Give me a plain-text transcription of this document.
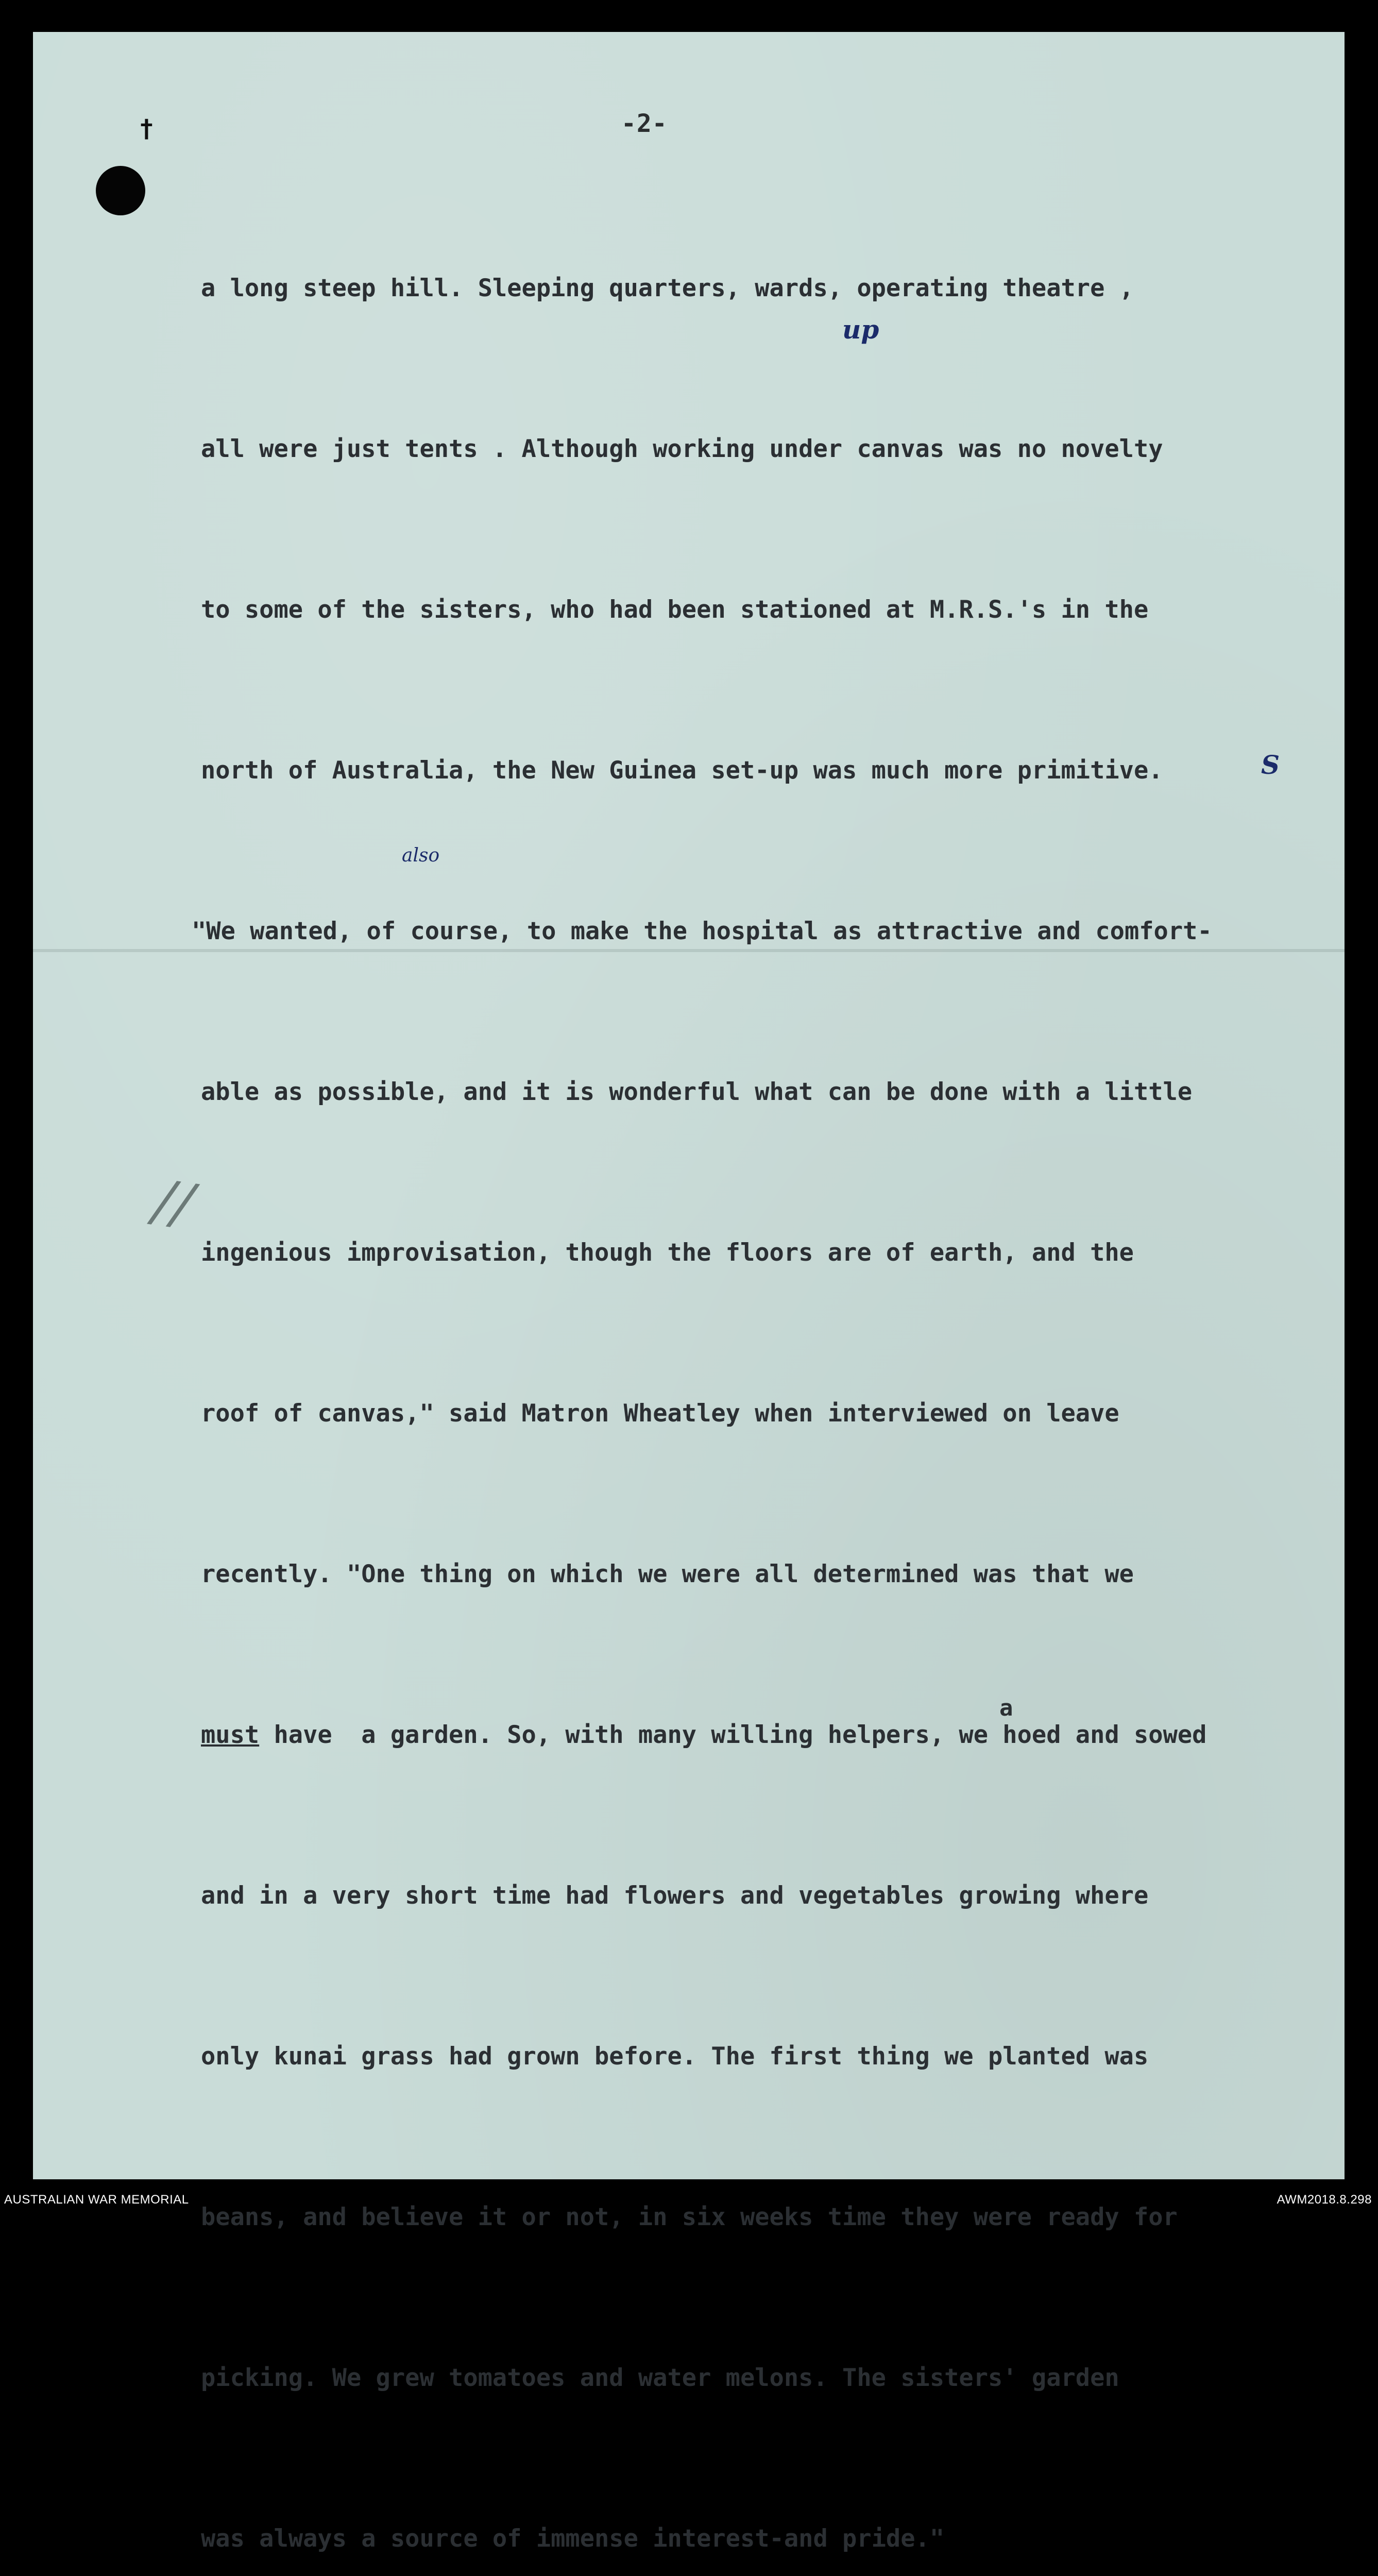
†	-2-
//
up
also
S
a

a long steep hill. Sleeping quarters, wards, operating theatre ,

all were just tents . Although working under canvas was no novelty

to some of the sisters, who had been stationed at M.R.S.'s in the

north of Australia, the New Guinea set-up was much more primitive.

"We wanted, of course, to make the hospital as attractive and comfort-

able as possible, and it is wonderful what can be done with a little

ingenious improvisation, though the floors are of earth, and the

roof of canvas," said Matron Wheatley when interviewed on leave

recently. "One thing on which we were all determined was that we

must have  a garden. So, with many willing helpers, we hoed and sowed

and in a very short time had flowers and vegetables growing where

only kunai grass had grown before. The first thing we planted was

beans, and believe it or not, in six weeks time they were ready for

picking. We grew tomatoes and water melons. The sisters' garden

was always a source of immense interest-and pride."

AUSTRALIAN WAR MEMORIAL	AWM2018.8.298
